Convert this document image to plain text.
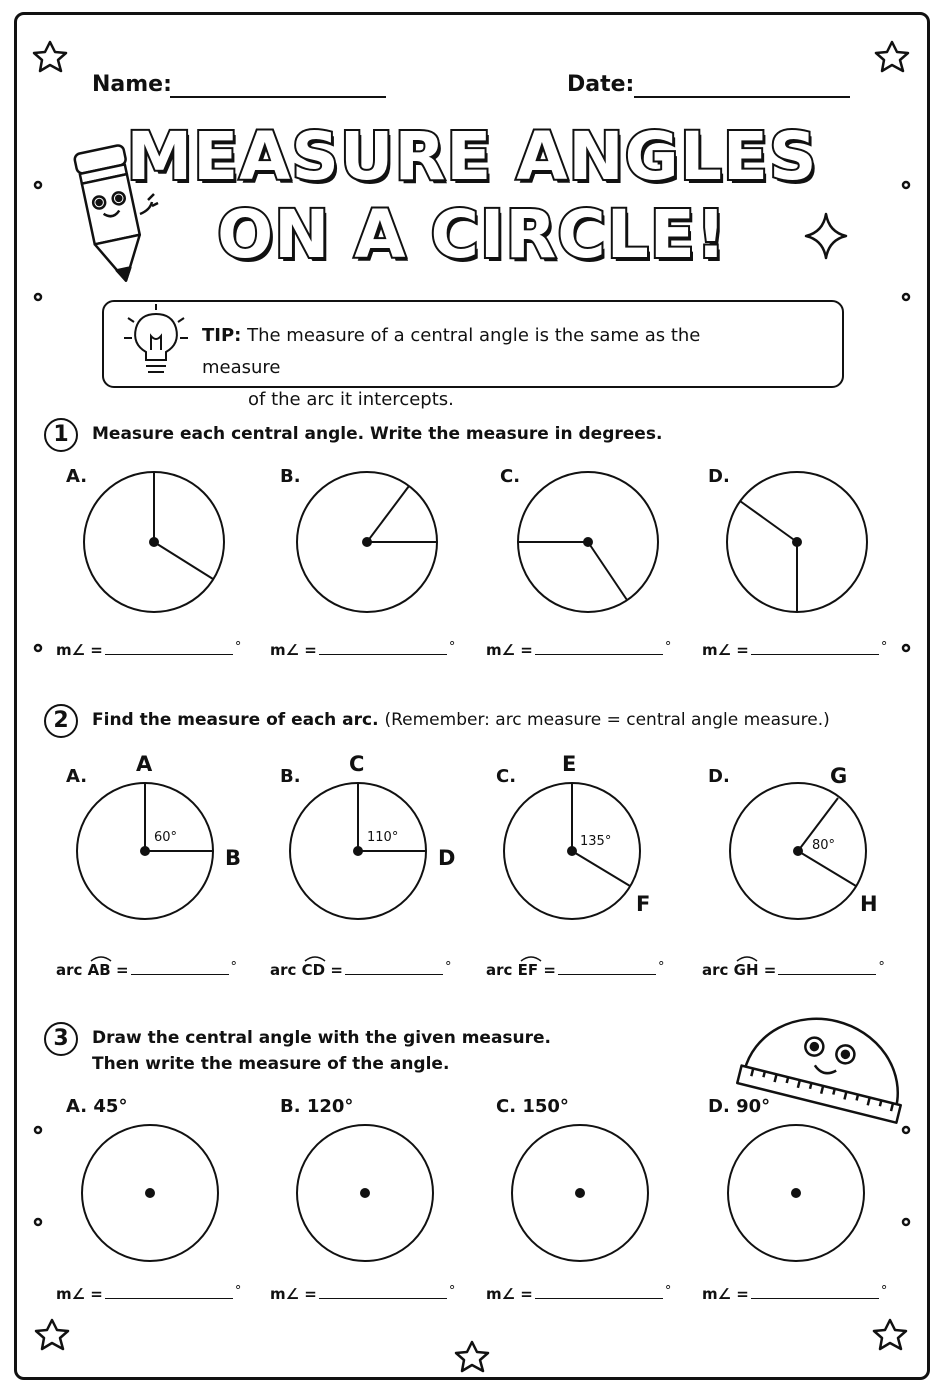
Name:	Date:
MEASURE ANGLES
ON A CIRCLE!
TIP: The measure of a central angle is the same as the measure
of the arc it intercepts.
1	Measure each central angle. Write the measure in degrees.
A.	B.	C.	D.
m∠ =	° m∠ =	° m∠ =	° m∠ =	°
2	Find the measure of each arc. (Remember: arc measure = central angle measure.)
A.	B.	C.	D.
A
B
60°
C
D
110°
E
F
135°
G
H
80°
arc AB =	° arc CD =	° arc EF =	°	arc GH =	°
3	Draw the central angle with the given measure.
Then write the measure of the angle.
A. 45°	B. 120°	C. 150°	D. 90°
m∠ =	° m∠ =	° m∠ =	° m∠ =	°
